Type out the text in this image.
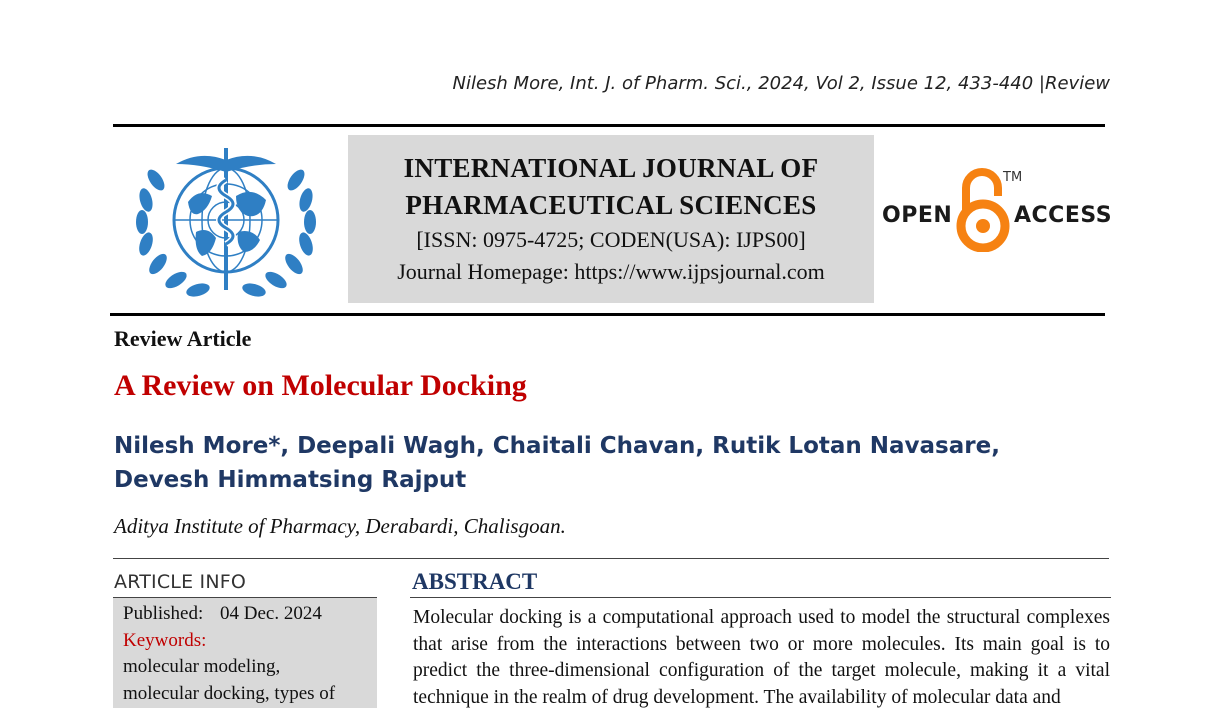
Nilesh More, Int. J. of Pharm. Sci., 2024, Vol 2, Issue 12, 433-440 |Review
INTERNATIONAL JOURNAL OF
PHARMACEUTICAL SCIENCES
[ISSN: 0975-4725; CODEN(USA): IJPS00]
Journal Homepage: https://www.ijpsjournal.com
OPEN
TM
ACCESS
Review Article
A Review on Molecular Docking
Nilesh More*, Deepali Wagh, Chaitali Chavan, Rutik Lotan Navasare, Devesh Himmatsing Rajput
Aditya Institute of Pharmacy, Derabardi, Chalisgoan.
ARTICLE INFO
Published: 04 Dec. 2024
Keywords:
molecular modeling,
molecular docking, types of
ABSTRACT
Molecular docking is a computational approach used to model the structural complexes that arise from the interactions between two or more molecules. Its main goal is to predict the three-dimensional configuration of the target molecule, making it a vital technique in the realm of drug development. The availability of molecular data and
